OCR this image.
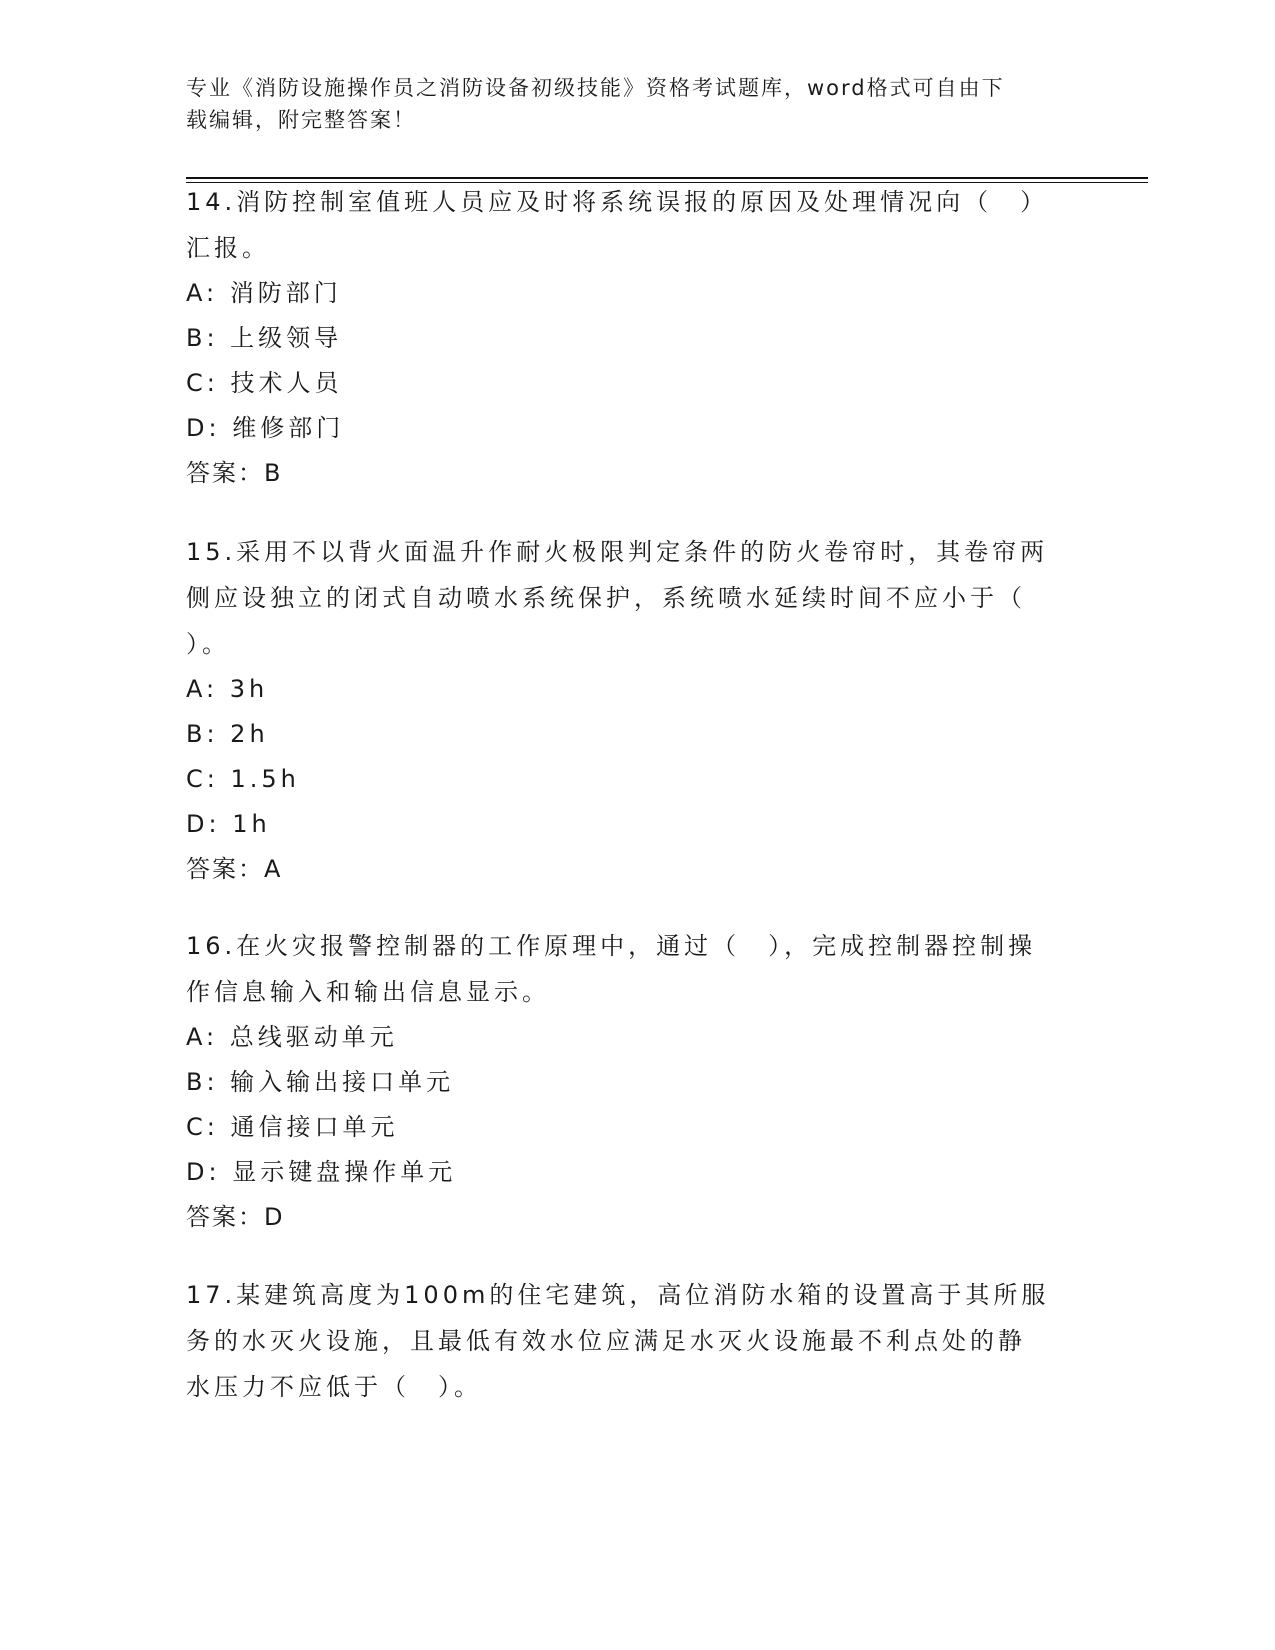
专业《消防设施操作员之消防设备初级技能》资格考试题库，word格式可自由下
载编辑，附完整答案！

14.消防控制室值班人员应及时将系统误报的原因及处理情况向（　）

汇报。

A: 消防部门

B: 上级领导

C: 技术人员

D: 维修部门

答案：B

15.采用不以背火面温升作耐火极限判定条件的防火卷帘时，其卷帘两

侧应设独立的闭式自动喷水系统保护，系统喷水延续时间不应小于（

）。

A: 3h

B: 2h

C: 1.5h

D: 1h

答案：A

16.在火灾报警控制器的工作原理中，通过（　），完成控制器控制操

作信息输入和输出信息显示。

A: 总线驱动单元

B: 输入输出接口单元

C: 通信接口单元

D: 显示键盘操作单元

答案：D

17.某建筑高度为100m的住宅建筑，高位消防水箱的设置高于其所服

务的水灭火设施，且最低有效水位应满足水灭火设施最不利点处的静

水压力不应低于（　）。
